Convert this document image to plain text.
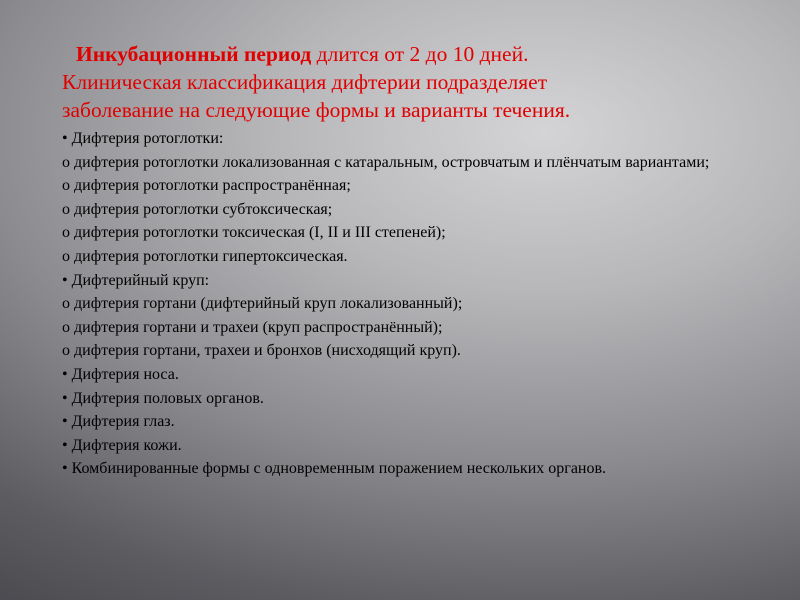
Инкубационный период длится от 2 до 10 дней.
Клиническая классификация дифтерии подразделяет
заболевание на следующие формы и варианты течения.

• Дифтерия ротоглотки:
о дифтерия ротоглотки локализованная с катаральным, островчатым и плёнчатым вариантами;
о дифтерия ротоглотки распространённая;
о дифтерия ротоглотки субтоксическая;
о дифтерия ротоглотки токсическая (I, II и III степеней);
о дифтерия ротоглотки гипертоксическая.
• Дифтерийный круп:
о дифтерия гортани (дифтерийный круп локализованный);
о дифтерия гортани и трахеи (круп распространённый);
о дифтерия гортани, трахеи и бронхов (нисходящий круп).
• Дифтерия носа.
• Дифтерия половых органов.
• Дифтерия глаз.
• Дифтерия кожи.
• Комбинированные формы с одновременным поражением нескольких органов.
